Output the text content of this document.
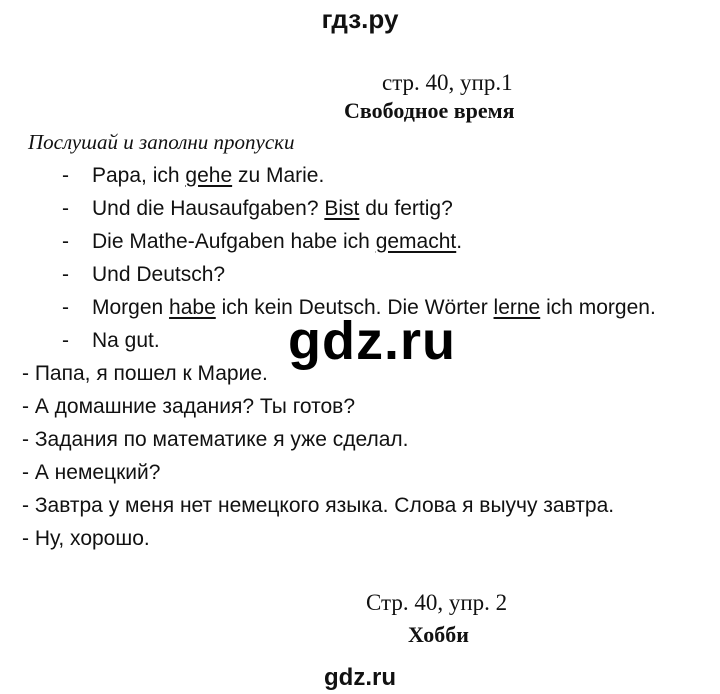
гдз.ру
стр. 40, упр.1
Свободное время
Послушай и заполни пропуски
- Papa, ich gehe zu Marie.
- Und die Hausaufgaben? Bist du fertig?
- Die Mathe-Aufgaben habe ich gemacht.
- Und Deutsch?
- Morgen habe ich kein Deutsch. Die Wörter lerne ich morgen.
- Na gut.
- Папа, я пошел к Марие.
- А домашние задания? Ты готов?
- Задания по математике я уже сделал.
- А немецкий?
- Завтра у меня нет немецкого языка. Слова я выучу завтра.
- Ну, хорошо.
gdz.ru
Стр. 40, упр. 2
Хобби
gdz.ru
